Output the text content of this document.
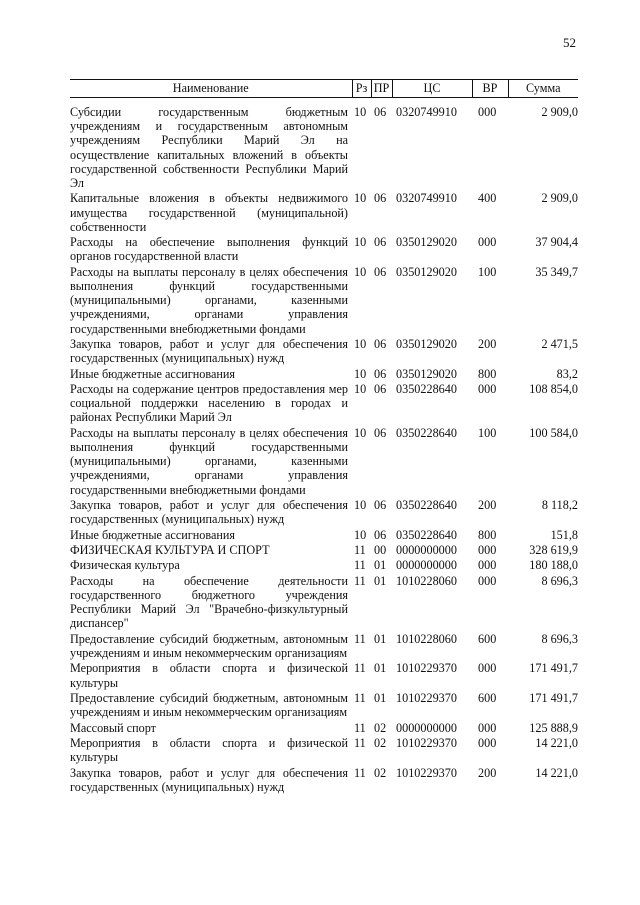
52
Наименование	Рз	ПР	ЦС	ВР	Сумма

Субсидии государственным бюджетным учреждениям и государственным автономным учреждениям Республики Марий Эл на осуществление капитальных вложений в объекты государственной собственности Республики Марий Эл	10	06	0320749910	000	2 909,0
Капитальные вложения в объекты недвижимого имущества государственной (муниципальной) собственности	10	06	0320749910	400	2 909,0
Расходы на обеспечение выполнения функций органов государственной власти	10	06	0350129020	000	37 904,4
Расходы на выплаты персоналу в целях обеспечения выполнения функций государственными (муниципальными) органами, казенными учреждениями, органами управления государственными внебюджетными фондами	10	06	0350129020	100	35 349,7
Закупка товаров, работ и услуг для обеспечения государственных (муниципальных) нужд	10	06	0350129020	200	2 471,5
Иные бюджетные ассигнования	10	06	0350129020	800	83,2
Расходы на содержание центров предоставления мер социальной поддержки населению в городах и районах Республики Марий Эл	10	06	0350228640	000	108 854,0
Расходы на выплаты персоналу в целях обеспечения выполнения функций государственными (муниципальными) органами, казенными учреждениями, органами управления государственными внебюджетными фондами	10	06	0350228640	100	100 584,0
Закупка товаров, работ и услуг для обеспечения государственных (муниципальных) нужд	10	06	0350228640	200	8 118,2
Иные бюджетные ассигнования	10	06	0350228640	800	151,8
ФИЗИЧЕСКАЯ КУЛЬТУРА И СПОРТ	11	00	0000000000	000	328 619,9
Физическая культура	11	01	0000000000	000	180 188,0
Расходы на обеспечение деятельности государственного бюджетного учреждения Республики Марий Эл "Врачебно-физкультурный диспансер"	11	01	1010228060	000	8 696,3
Предоставление субсидий бюджетным, автономным учреждениям и иным некоммерческим организациям	11	01	1010228060	600	8 696,3
Мероприятия в области спорта и физической культуры	11	01	1010229370	000	171 491,7
Предоставление субсидий бюджетным, автономным учреждениям и иным некоммерческим организациям	11	01	1010229370	600	171 491,7
Массовый спорт	11	02	0000000000	000	125 888,9
Мероприятия в области спорта и физической культуры	11	02	1010229370	000	14 221,0
Закупка товаров, работ и услуг для обеспечения государственных (муниципальных) нужд	11	02	1010229370	200	14 221,0
